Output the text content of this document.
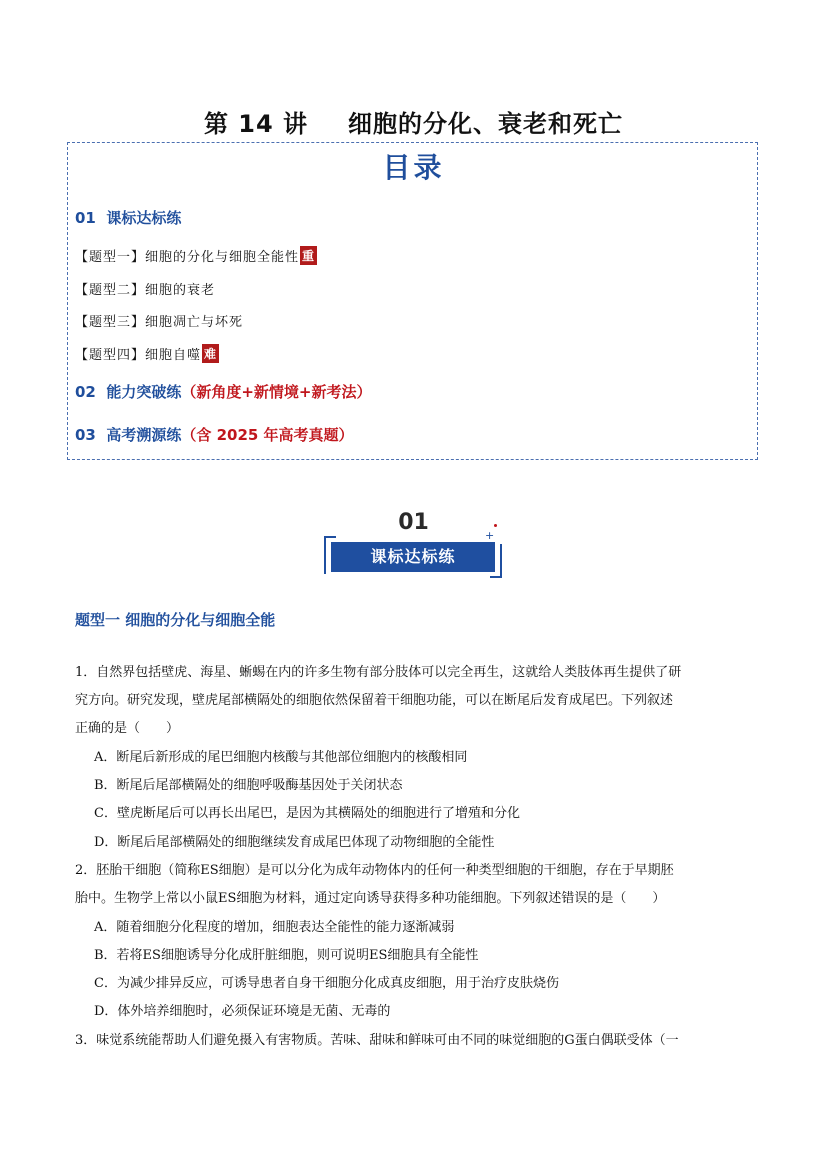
第 14 讲 细胞的分化、衰老和死亡
目录
01 课标达标练
【题型一】细胞的分化与细胞全能性 重
【题型二】细胞的衰老
【题型三】细胞凋亡与坏死
【题型四】细胞自噬 难
02 能力突破练（新角度+新情境+新考法）
03 高考溯源练（含 2025 年高考真题）
01
课标达标练
+
题型一 细胞的分化与细胞全能
1．自然界包括壁虎、海星、蜥蜴在内的许多生物有部分肢体可以完全再生，这就给人类肢体再生提供了研
究方向。研究发现，壁虎尾部横隔处的细胞依然保留着干细胞功能，可以在断尾后发育成尾巴。下列叙述
正确的是（　　）
A．断尾后新形成的尾巴细胞内核酸与其他部位细胞内的核酸相同
B．断尾后尾部横隔处的细胞呼吸酶基因处于关闭状态
C．壁虎断尾后可以再长出尾巴，是因为其横隔处的细胞进行了增殖和分化
D．断尾后尾部横隔处的细胞继续发育成尾巴体现了动物细胞的全能性
2．胚胎干细胞（简称ES细胞）是可以分化为成年动物体内的任何一种类型细胞的干细胞，存在于早期胚
胎中。生物学上常以小鼠ES细胞为材料，通过定向诱导获得多种功能细胞。下列叙述错误的是（　　）
A．随着细胞分化程度的增加，细胞表达全能性的能力逐渐减弱
B．若将ES细胞诱导分化成肝脏细胞，则可说明ES细胞具有全能性
C．为减少排异反应，可诱导患者自身干细胞分化成真皮细胞，用于治疗皮肤烧伤
D．体外培养细胞时，必须保证环境是无菌、无毒的
3．味觉系统能帮助人们避免摄入有害物质。苦味、甜味和鲜味可由不同的味觉细胞的G蛋白偶联受体（一
